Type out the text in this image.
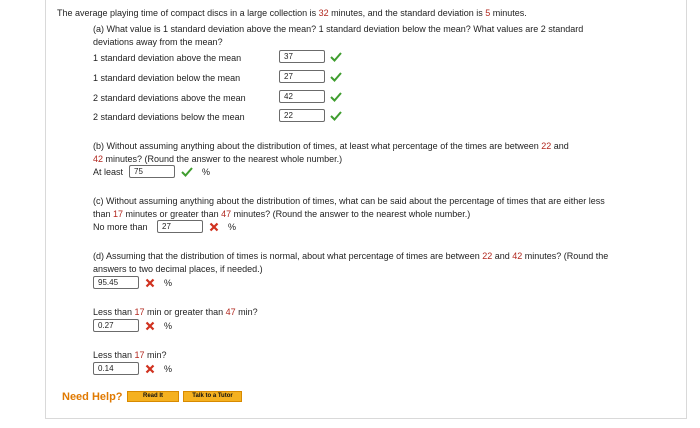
The average playing time of compact discs in a large collection is 32 minutes, and the standard deviation is 5 minutes.
(a) What value is 1 standard deviation above the mean? 1 standard deviation below the mean? What values are 2 standard
deviations away from the mean?
1 standard deviation above the mean	37
1 standard deviation below the mean	27
2 standard deviations above the mean	42
2 standard deviations below the mean	22
(b) Without assuming anything about the distribution of times, at least what percentage of the times are between 22 and
42 minutes? (Round the answer to the nearest whole number.)
At least	75	%
(c) Without assuming anything about the distribution of times, what can be said about the percentage of times that are either less
than 17 minutes or greater than 47 minutes? (Round the answer to the nearest whole number.)
No more than	27	%
(d) Assuming that the distribution of times is normal, about what percentage of times are between 22 and 42 minutes? (Round the
answers to two decimal places, if needed.)
95.45	%
Less than 17 min or greater than 47 min?
0.27	%
Less than 17 min?
0.14	%
Need Help?	Read It	Talk to a Tutor
